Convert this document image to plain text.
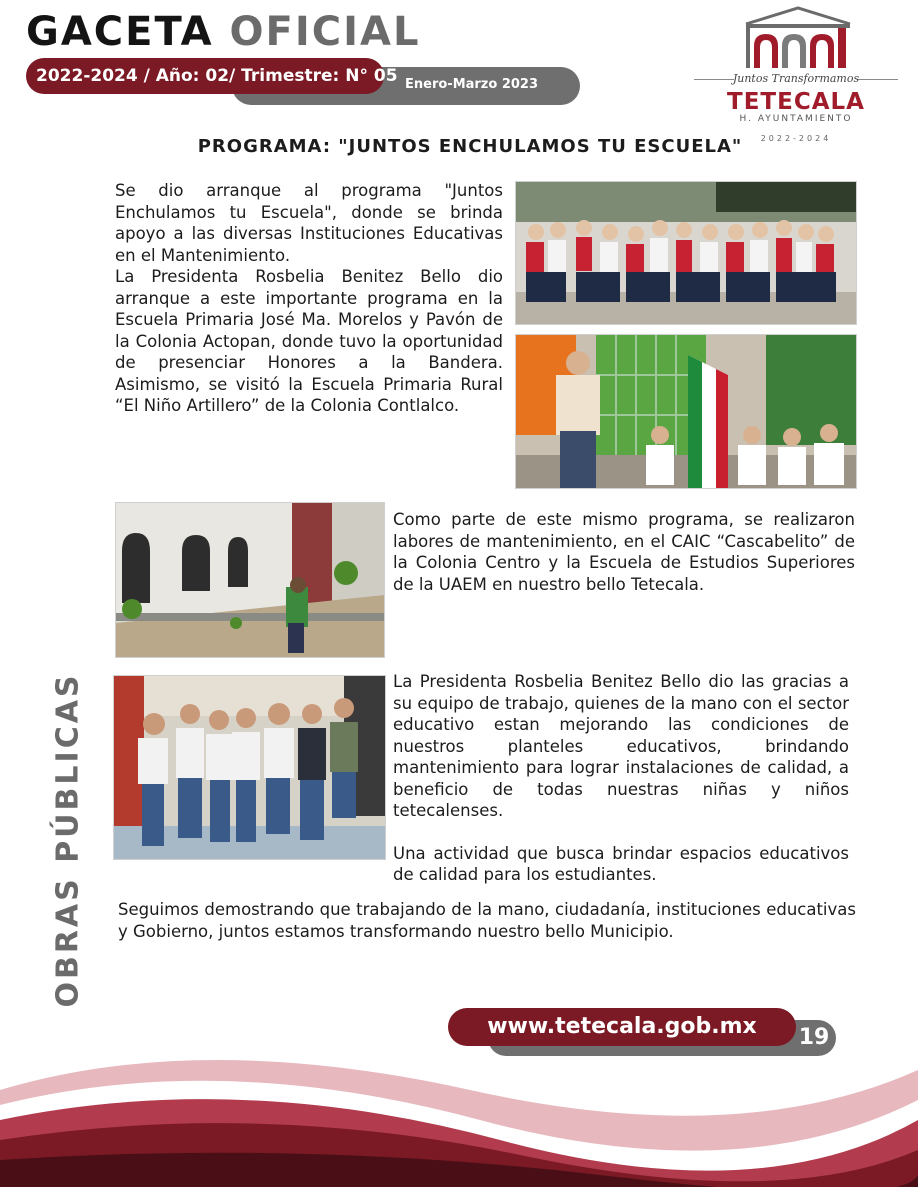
GACETA OFICIAL
2022-2024 / Año: 02/ Trimestre: N° 05 Enero-Marzo 2023	Juntos Transformamos
TETECALA
H. AYUNTAMIENTO
2022-2024
PROGRAMA: "JUNTOS ENCHULAMOS TU ESCUELA"

Se dio arranque al programa "Juntos Enchulamos tu Escuela", donde se brinda apoyo a las diversas Instituciones Educativas en el Mantenimiento.

La Presidenta Rosbelia Benitez Bello dio arranque a este importante programa en la Escuela Primaria José Ma. Morelos y Pavón de la Colonia Actopan, donde tuvo la oportunidad de presenciar Honores a la Bandera. Asimismo, se visitó la Escuela Primaria Rural “El Niño Artillero” de la Colonia Contlalco.

Como parte de este mismo programa, se realizaron labores de mantenimiento, en el CAIC “Cascabelito” de la Colonia Centro y la Escuela de Estudios Superiores de la UAEM en nuestro bello Tetecala.

La Presidenta Rosbelia Benitez Bello dio las gracias a su equipo de trabajo, quienes de la mano con el sector educativo estan mejorando las condiciones de nuestros planteles educativos, brindando mantenimiento para lograr instalaciones de calidad, a beneficio de todas nuestras niñas y niños tetecalenses.

Una actividad que busca brindar espacios educativos de calidad para los estudiantes.

Seguimos demostrando que trabajando de la mano, ciudadanía, instituciones educativas y Gobierno, juntos estamos transformando nuestro bello Municipio.

OBRAS PÚBLICAS
www.tetecala.gob.mx	19
